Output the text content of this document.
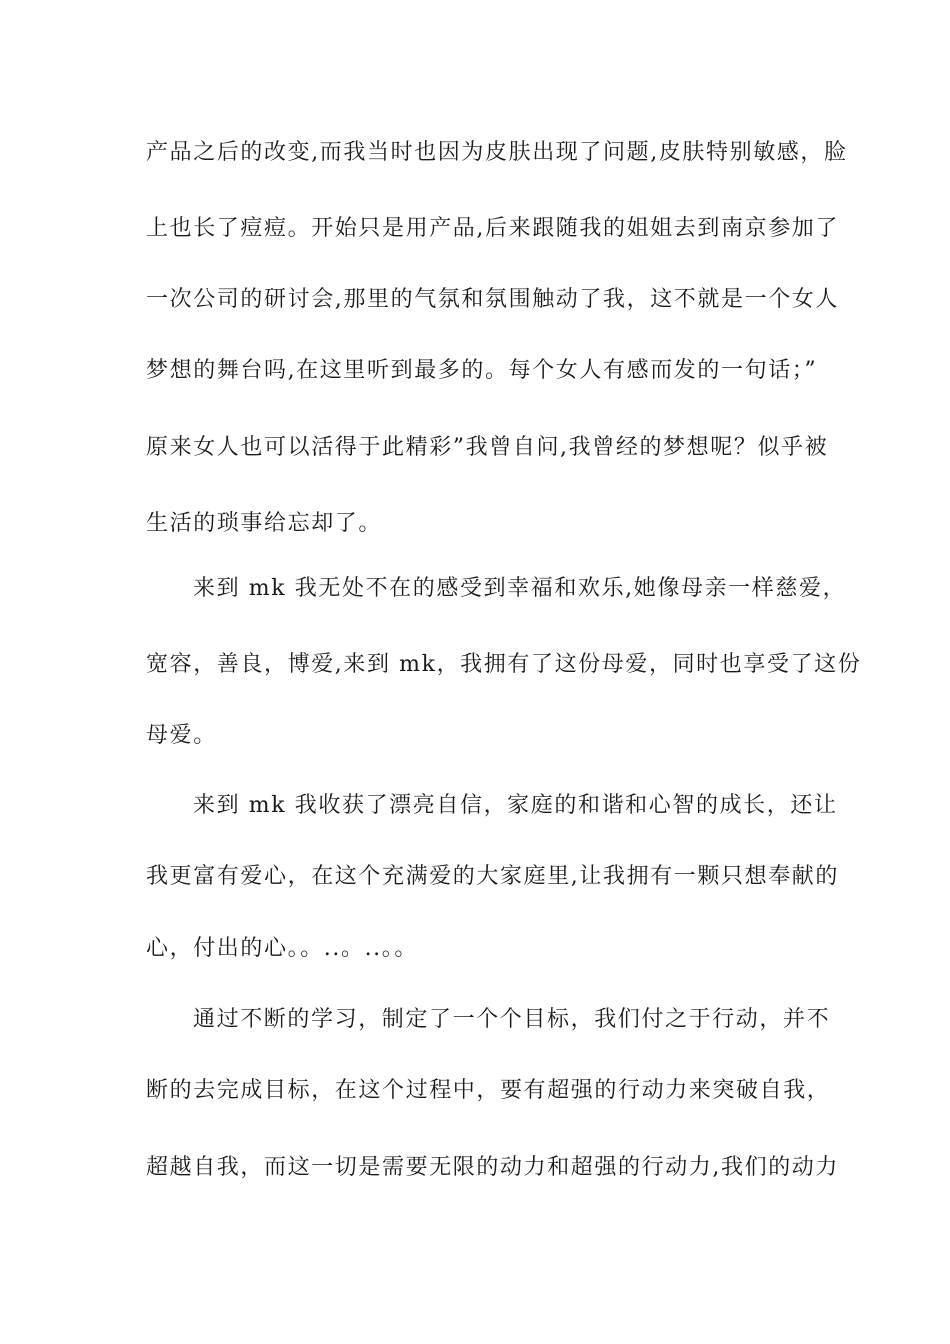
产品之后的改变,而我当时也因为皮肤出现了问题,皮肤特别敏感，脸
上也长了痘痘。开始只是用产品,后来跟随我的姐姐去到南京参加了
一次公司的研讨会,那里的气氛和氛围触动了我，这不就是一个女人
梦想的舞台吗,在这里听到最多的。每个女人有感而发的一句话；”
原来女人也可以活得于此精彩”我曾自问,我曾经的梦想呢？似乎被
生活的琐事给忘却了。
来到 mk 我无处不在的感受到幸福和欢乐,她像母亲一样慈爱，
宽容，善良，博爱,来到 mk，我拥有了这份母爱，同时也享受了这份
母爱。
来到 mk 我收获了漂亮自信，家庭的和谐和心智的成长，还让
我更富有爱心，在这个充满爱的大家庭里,让我拥有一颗只想奉献的
心，付出的心。。..。..。。
通过不断的学习，制定了一个个目标，我们付之于行动，并不
断的去完成目标，在这个过程中，要有超强的行动力来突破自我，
超越自我，而这一切是需要无限的动力和超强的行动力,我们的动力
